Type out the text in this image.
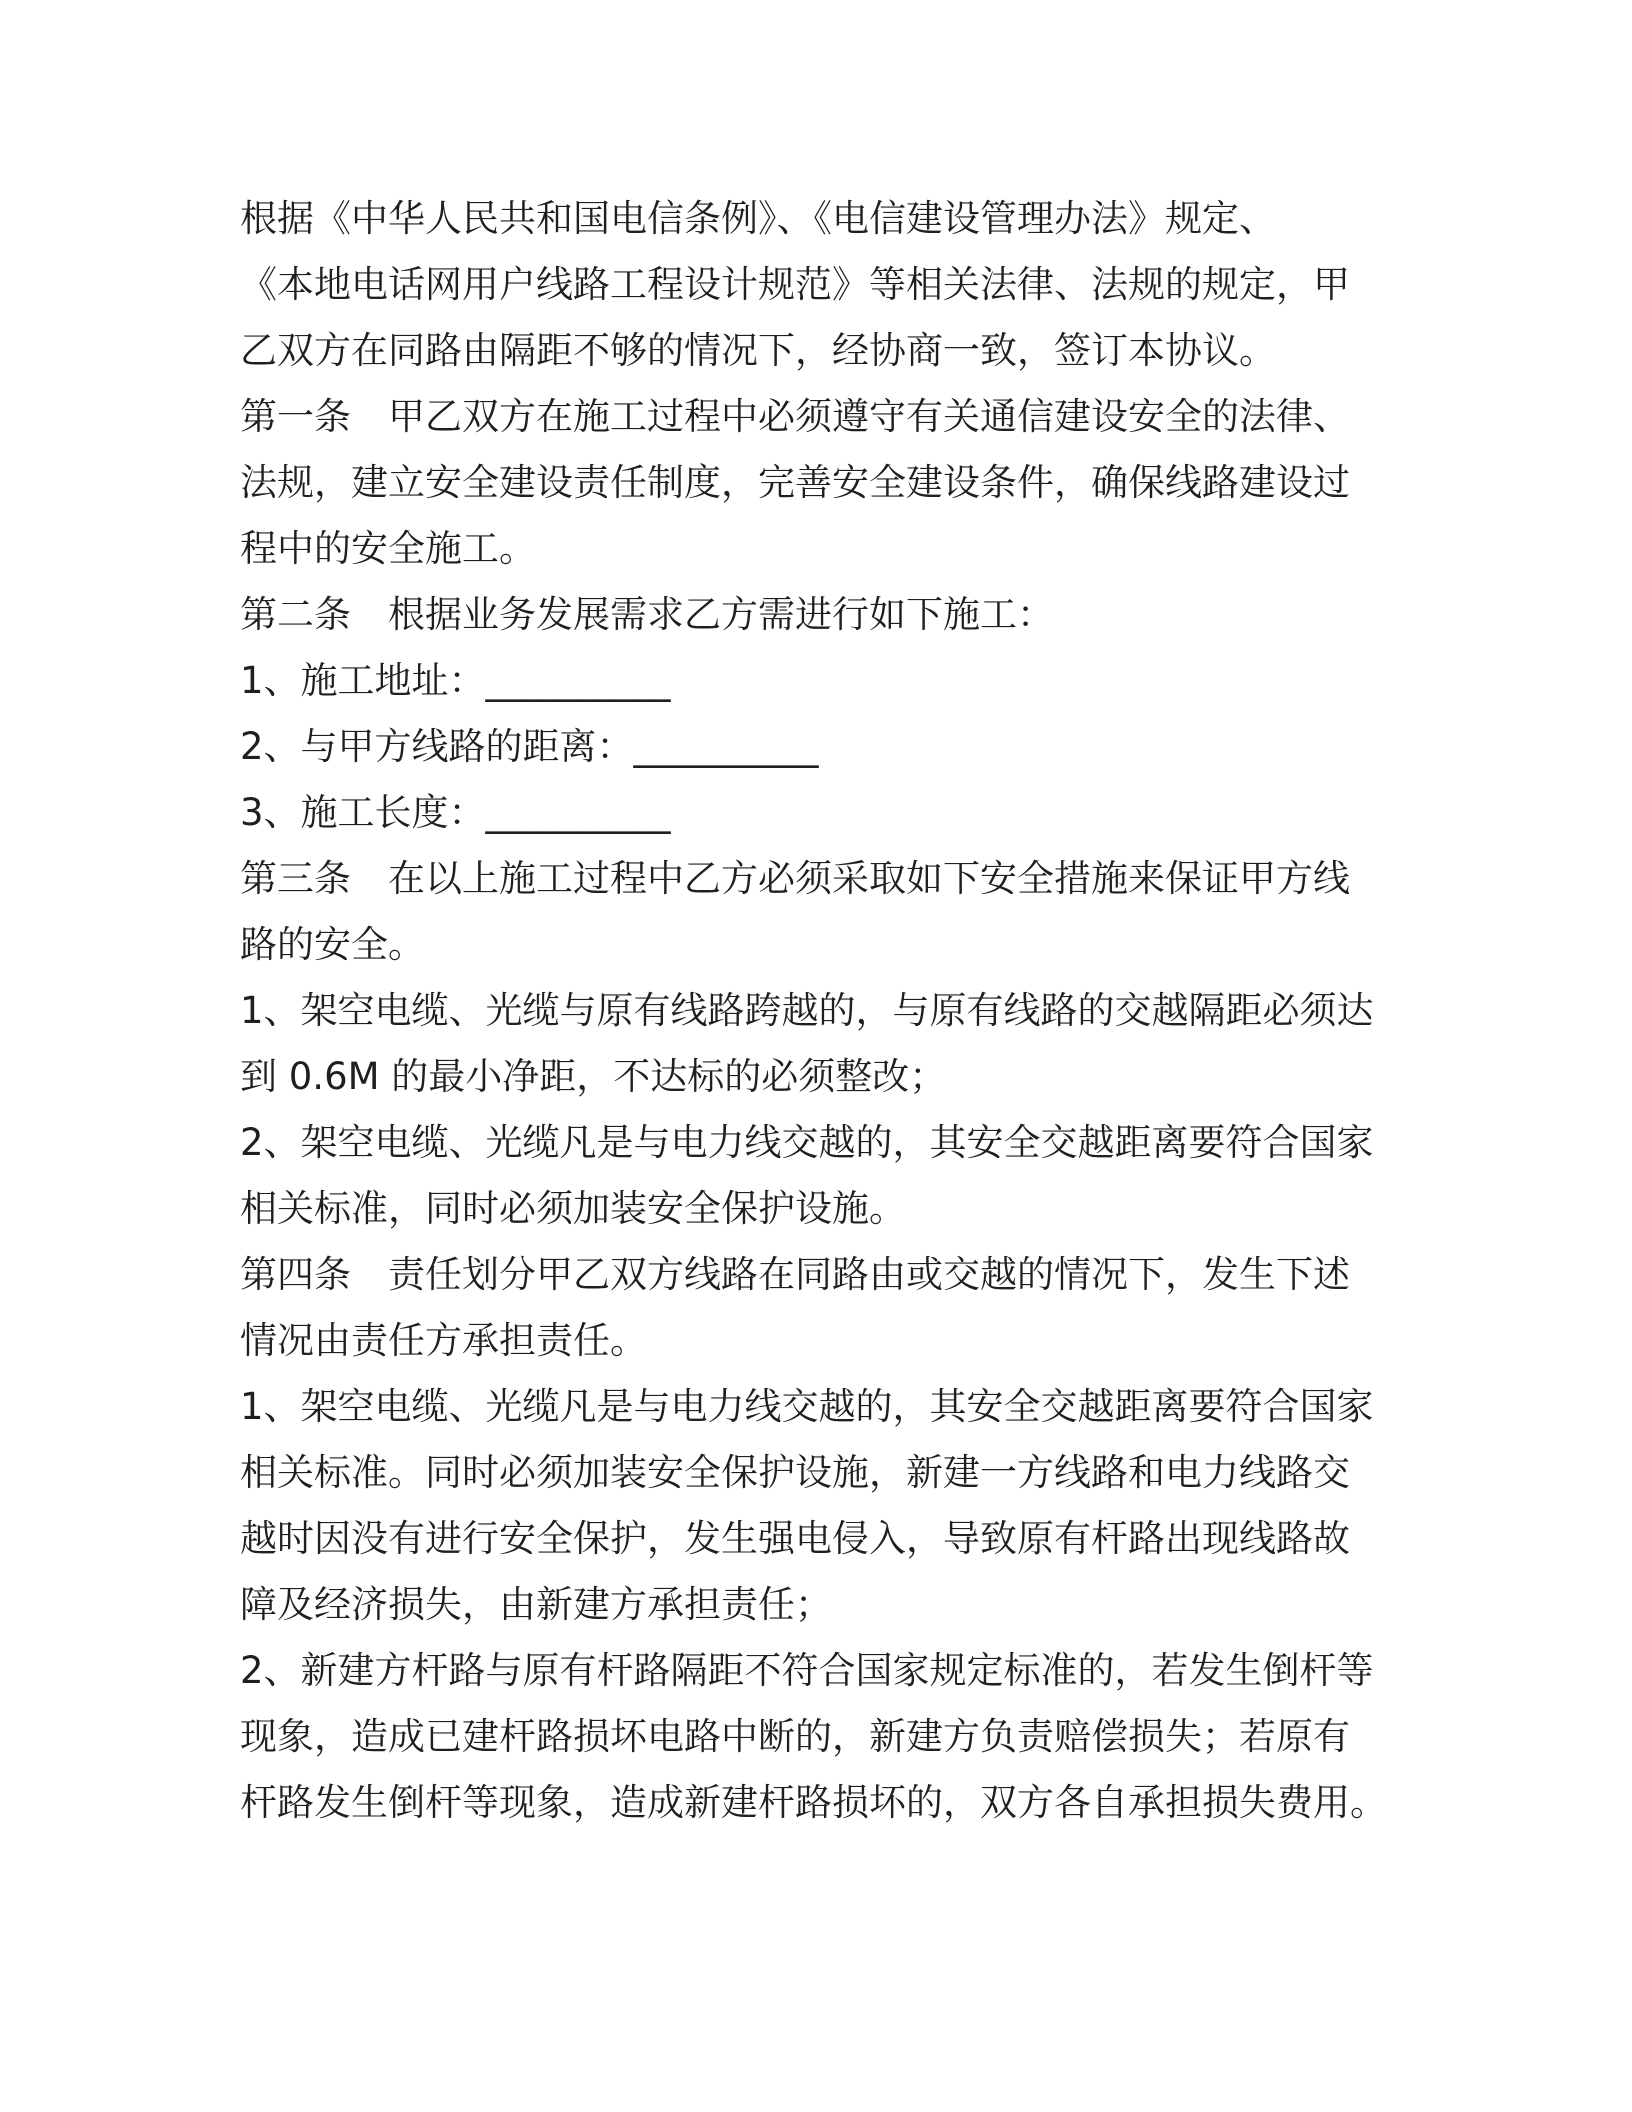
根据《中华人民共和国电信条例》、《电信建设管理办法》规定、
《本地电话网用户线路工程设计规范》等相关法律、法规的规定，甲
乙双方在同路由隔距不够的情况下，经协商一致，签订本协议。

第一条　甲乙双方在施工过程中必须遵守有关通信建设安全的法律、
法规，建立安全建设责任制度，完善安全建设条件，确保线路建设过
程中的安全施工。

第二条　根据业务发展需求乙方需进行如下施工：

1、施工地址：__________

2、与甲方线路的距离：__________

3、施工长度：__________

第三条　在以上施工过程中乙方必须采取如下安全措施来保证甲方线
路的安全。

1、架空电缆、光缆与原有线路跨越的，与原有线路的交越隔距必须达
到 0.6M 的最小净距，不达标的必须整改；

2、架空电缆、光缆凡是与电力线交越的，其安全交越距离要符合国家
相关标准，同时必须加装安全保护设施。

第四条　责任划分甲乙双方线路在同路由或交越的情况下，发生下述
情况由责任方承担责任。

1、架空电缆、光缆凡是与电力线交越的，其安全交越距离要符合国家
相关标准。同时必须加装安全保护设施，新建一方线路和电力线路交
越时因没有进行安全保护，发生强电侵入，导致原有杆路出现线路故
障及经济损失，由新建方承担责任；

2、新建方杆路与原有杆路隔距不符合国家规定标准的，若发生倒杆等
现象，造成已建杆路损坏电路中断的，新建方负责赔偿损失；若原有
杆路发生倒杆等现象，造成新建杆路损坏的，双方各自承担损失费用。
